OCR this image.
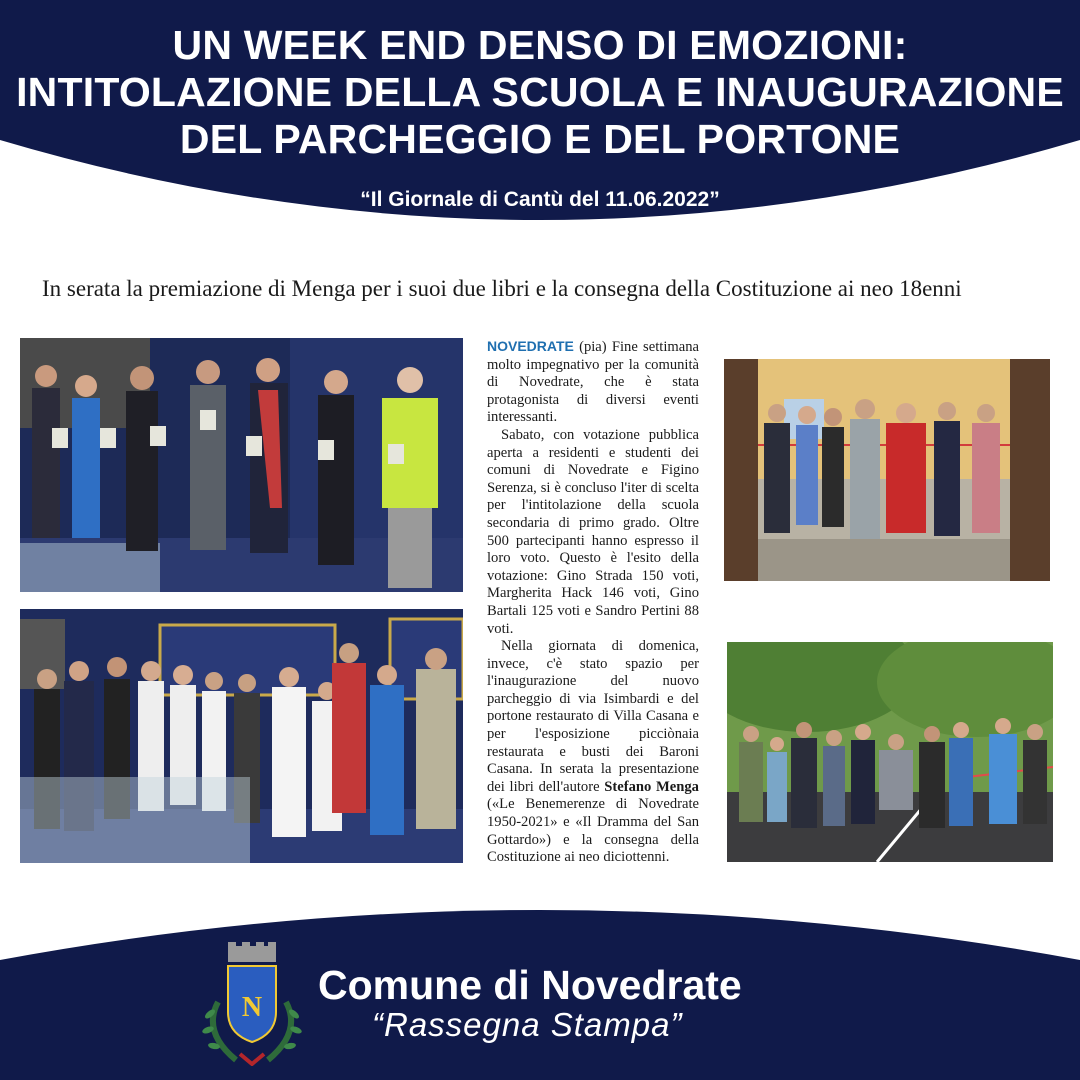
UN WEEK END DENSO DI EMOZIONI:
INTITOLAZIONE DELLA SCUOLA E INAUGURAZIONE
DEL PARCHEGGIO E DEL PORTONE
“Il Giornale di Cantù del 11.06.2022”
In serata la premiazione di Menga per i suoi due libri e la consegna della Costituzione ai neo 18enni

NOVEDRATE (pia) Fine settimana molto impegnativo per la comunità di Novedrate, che è stata protagonista di diversi eventi interessanti.

Sabato, con votazione pubblica aperta a residenti e studenti dei comuni di Novedrate e Figino Serenza, si è concluso l'iter di scelta per l'intitolazione della scuola secondaria di primo grado. Oltre 500 partecipanti hanno espresso il loro voto. Questo è l'esito della votazione: Gino Strada 150 voti, Margherita Hack 146 voti, Gino Bartali 125 voti e Sandro Pertini 88 voti.

Nella giornata di domenica, invece, c'è stato spazio per l'inaugurazione del nuovo parcheggio di via Isimbardi e del portone restaurato di Villa Casana e per l'esposizione picciònaia restaurata e busti dei Baroni Casana. In serata la presentazione dei libri dell'autore Stefano Menga («Le Benemerenze di Novedrate 1950-2021» e «Il Dramma del San Gottardo») e la consegna della Costituzione ai neo diciottenni.

N Comune di Novedrate
“Rassegna Stampa”
